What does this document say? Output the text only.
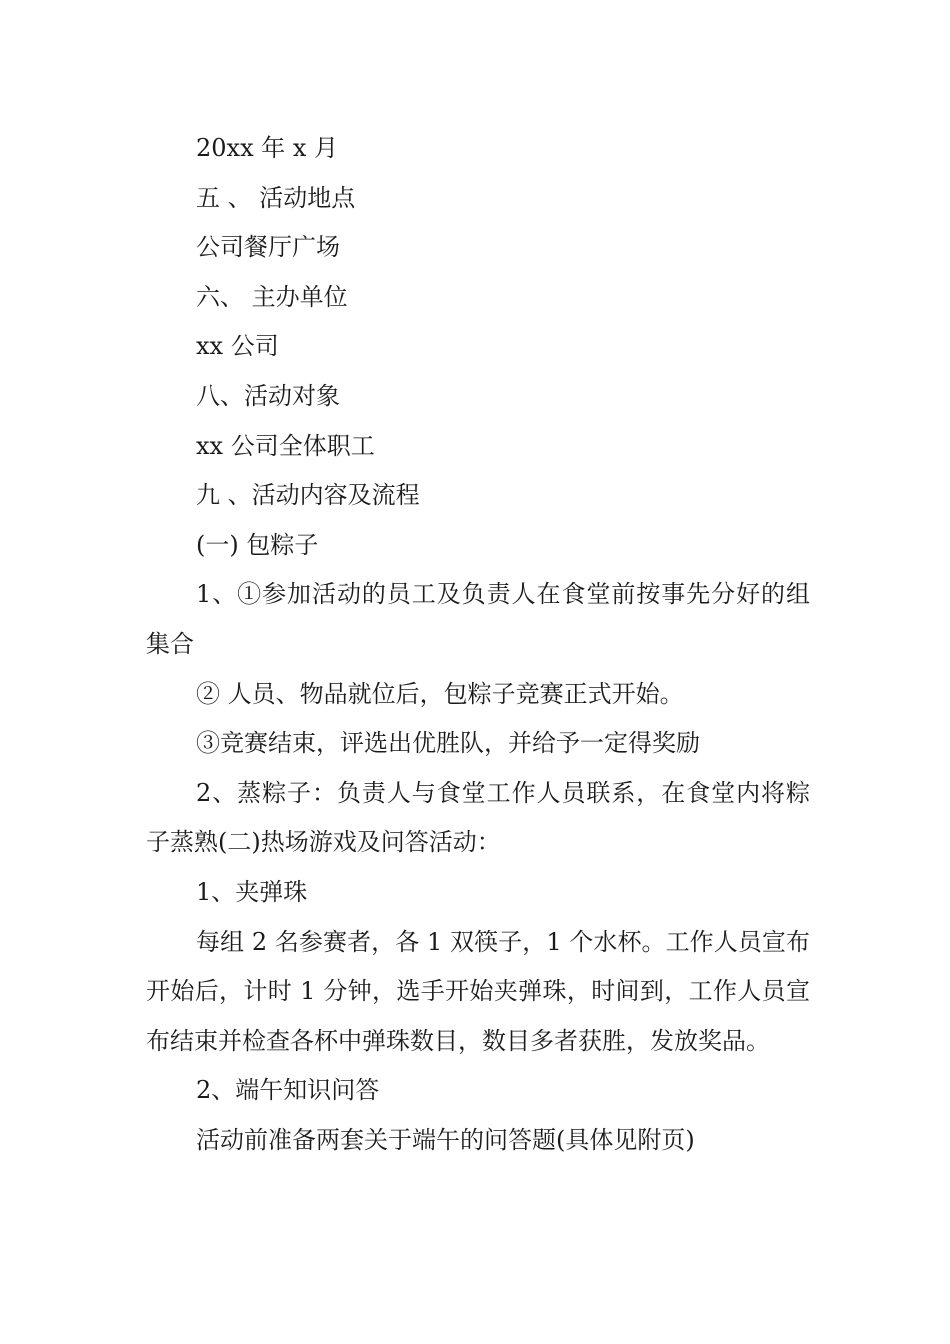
20xx 年 x 月

五 、 活动地点

公司餐厅广场

六、 主办单位

xx 公司

八、活动对象

xx 公司全体职工

九 、活动内容及流程

(一) 包粽子

1、①参加活动的员工及负责人在食堂前按事先分好的组集合

② 人员、物品就位后，包粽子竞赛正式开始。

③竞赛结束，评选出优胜队，并给予一定得奖励

2、蒸粽子：负责人与食堂工作人员联系，在食堂内将粽子蒸熟(二)热场游戏及问答活动：

1、夹弹珠

每组 2 名参赛者，各 1 双筷子，1 个水杯。工作人员宣布开始后，计时 1 分钟，选手开始夹弹珠，时间到，工作人员宣布结束并检查各杯中弹珠数目，数目多者获胜，发放奖品。

2、端午知识问答

活动前准备两套关于端午的问答题(具体见附页)
